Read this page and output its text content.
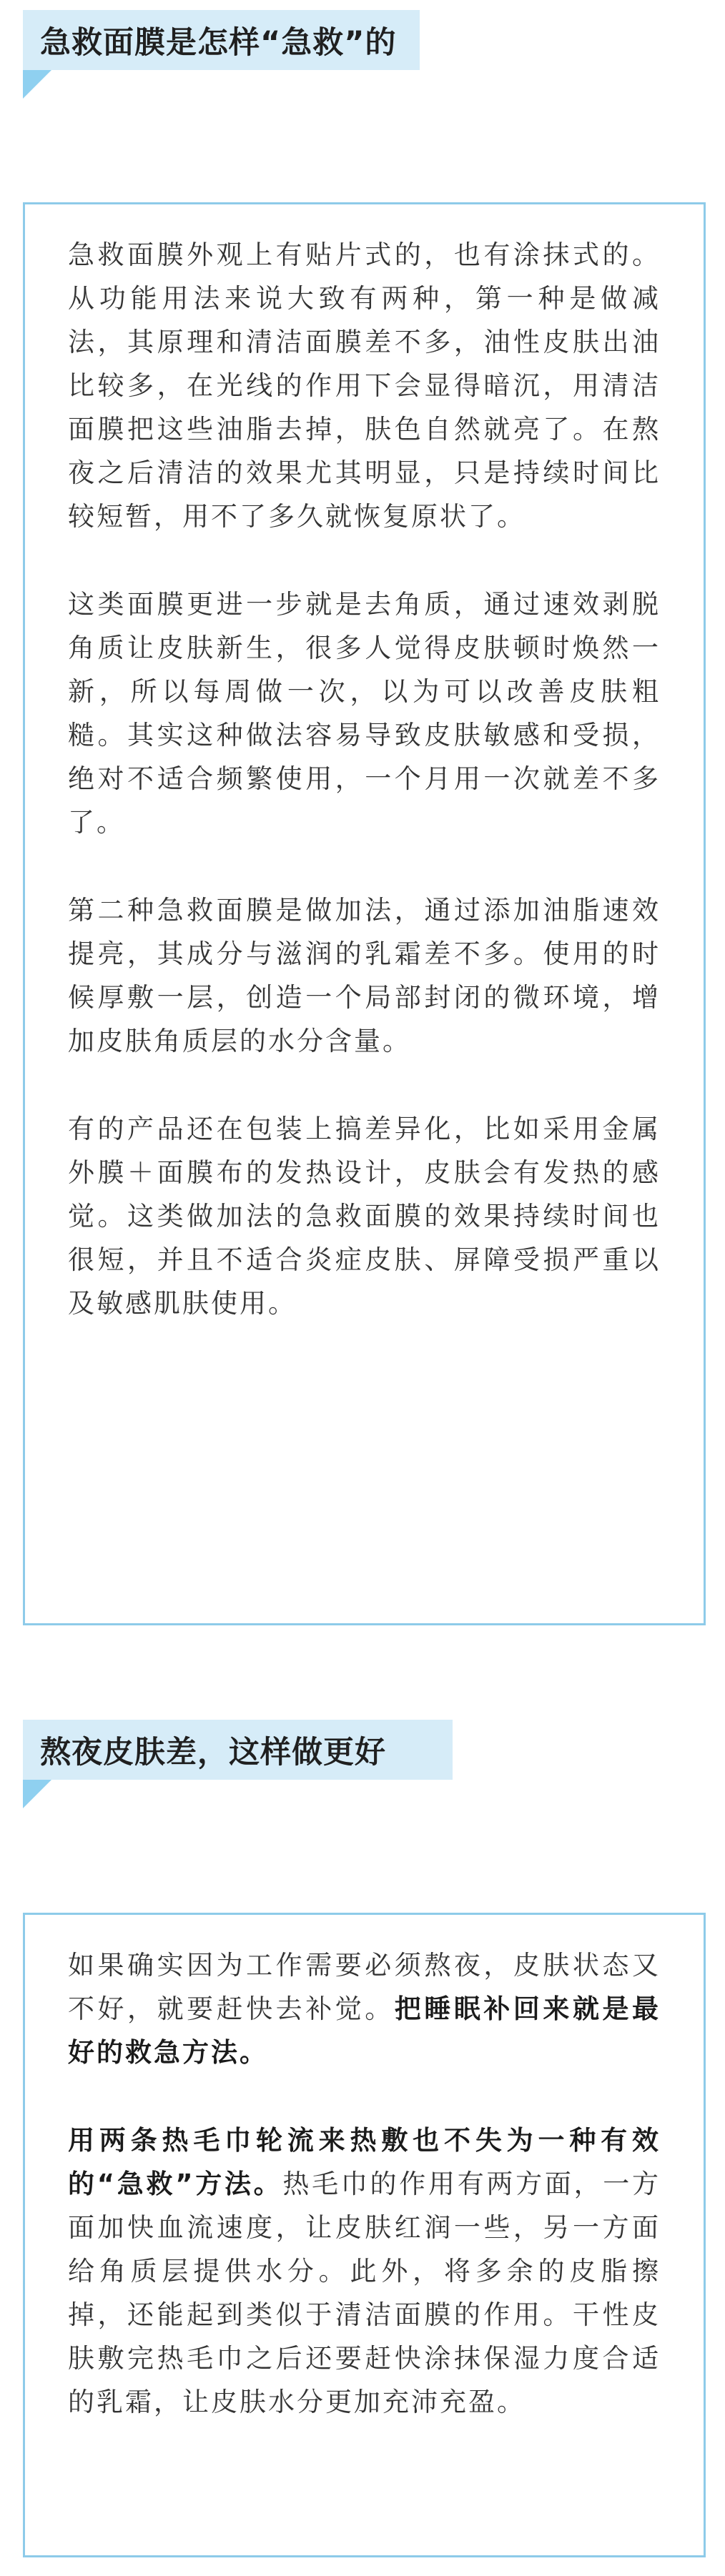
急救面膜是怎样“急救”的

急救面膜外观上有贴片式的，也有涂抹式的。从功能用法来说大致有两种，第一种是做减法，其原理和清洁面膜差不多，油性皮肤出油比较多，在光线的作用下会显得暗沉，用清洁面膜把这些油脂去掉，肤色自然就亮了。在熬夜之后清洁的效果尤其明显，只是持续时间比较短暂，用不了多久就恢复原状了。

这类面膜更进一步就是去角质，通过速效剥脱角质让皮肤新生，很多人觉得皮肤顿时焕然一新，所以每周做一次，以为可以改善皮肤粗糙。其实这种做法容易导致皮肤敏感和受损，绝对不适合频繁使用，一个月用一次就差不多了。

第二种急救面膜是做加法，通过添加油脂速效提亮，其成分与滋润的乳霜差不多。使用的时候厚敷一层，创造一个局部封闭的微环境，增加皮肤角质层的水分含量。

有的产品还在包装上搞差异化，比如采用金属外膜＋面膜布的发热设计，皮肤会有发热的感觉。这类做加法的急救面膜的效果持续时间也很短，并且不适合炎症皮肤、屏障受损严重以及敏感肌肤使用。

熬夜皮肤差，这样做更好

如果确实因为工作需要必须熬夜，皮肤状态又不好，就要赶快去补觉。把睡眠补回来就是最好的救急方法。

用两条热毛巾轮流来热敷也不失为一种有效的“急救”方法。热毛巾的作用有两方面，一方面加快血流速度，让皮肤红润一些，另一方面给角质层提供水分。此外，将多余的皮脂擦掉，还能起到类似于清洁面膜的作用。干性皮肤敷完热毛巾之后还要赶快涂抹保湿力度合适的乳霜，让皮肤水分更加充沛充盈。
